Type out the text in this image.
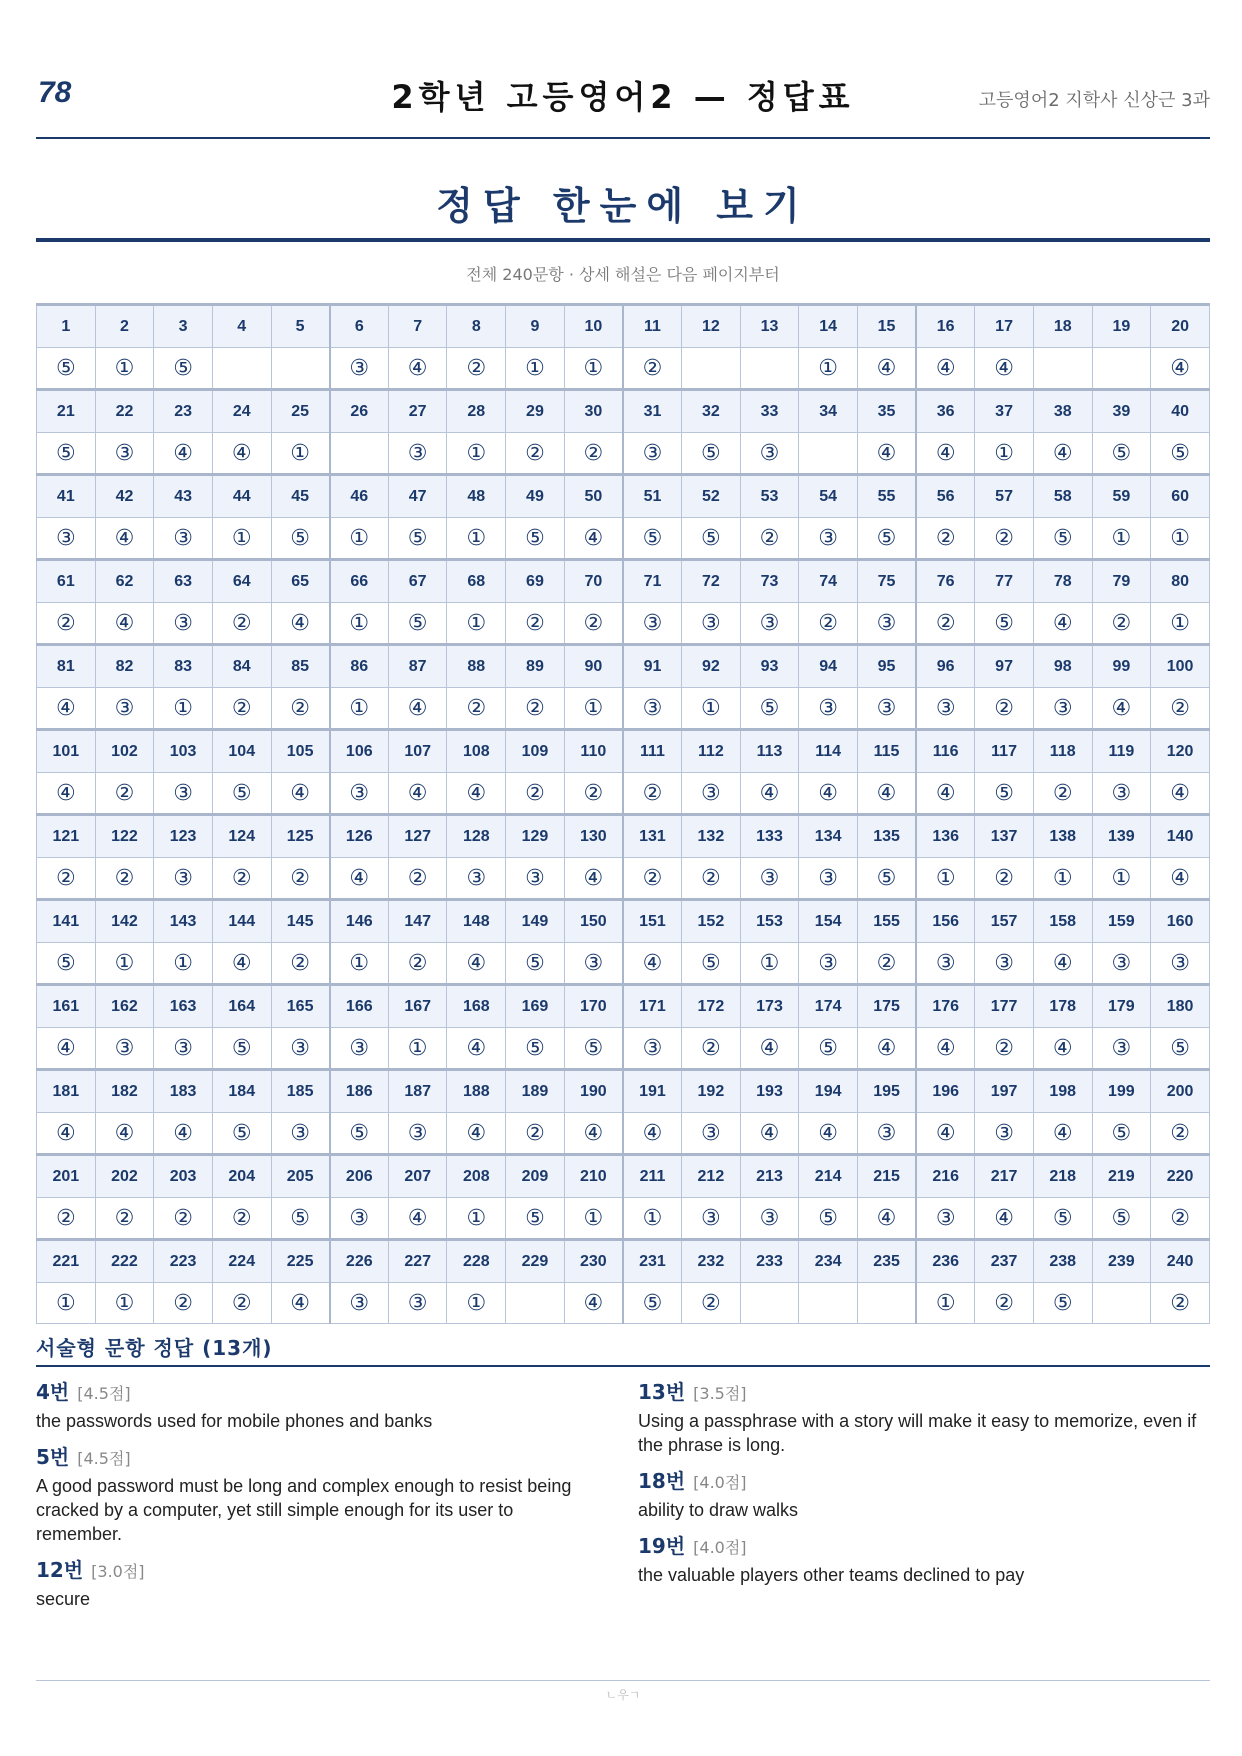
78	2학년 고등영어2 — 정답표	고등영어2 지학사 신상근 3과
정답 한눈에 보기
전체 240문항 · 상세 해설은 다음 페이지부터
1	2	3	4	5	6	7	8	9	10	11	12	13	14	15	16	17	18	19	20
⑤	①	⑤			③	④	②	①	①	②			①	④	④	④			④
21	22	23	24	25	26	27	28	29	30	31	32	33	34	35	36	37	38	39	40
⑤	③	④	④	①		③	①	②	②	③	⑤	③		④	④	①	④	⑤	⑤
41	42	43	44	45	46	47	48	49	50	51	52	53	54	55	56	57	58	59	60
③	④	③	①	⑤	①	⑤	①	⑤	④	⑤	⑤	②	③	⑤	②	②	⑤	①	①
61	62	63	64	65	66	67	68	69	70	71	72	73	74	75	76	77	78	79	80
②	④	③	②	④	①	⑤	①	②	②	③	③	③	②	③	②	⑤	④	②	①
81	82	83	84	85	86	87	88	89	90	91	92	93	94	95	96	97	98	99	100
④	③	①	②	②	①	④	②	②	①	③	①	⑤	③	③	③	②	③	④	②
101	102	103	104	105	106	107	108	109	110	111	112	113	114	115	116	117	118	119	120
④	②	③	⑤	④	③	④	④	②	②	②	③	④	④	④	④	⑤	②	③	④
121	122	123	124	125	126	127	128	129	130	131	132	133	134	135	136	137	138	139	140
②	②	③	②	②	④	②	③	③	④	②	②	③	③	⑤	①	②	①	①	④
141	142	143	144	145	146	147	148	149	150	151	152	153	154	155	156	157	158	159	160
⑤	①	①	④	②	①	②	④	⑤	③	④	⑤	①	③	②	③	③	④	③	③
161	162	163	164	165	166	167	168	169	170	171	172	173	174	175	176	177	178	179	180
④	③	③	⑤	③	③	①	④	⑤	⑤	③	②	④	⑤	④	④	②	④	③	⑤
181	182	183	184	185	186	187	188	189	190	191	192	193	194	195	196	197	198	199	200
④	④	④	⑤	③	⑤	③	④	②	④	④	③	④	④	③	④	③	④	⑤	②
201	202	203	204	205	206	207	208	209	210	211	212	213	214	215	216	217	218	219	220
②	②	②	②	⑤	③	④	①	⑤	①	①	③	③	⑤	④	③	④	⑤	⑤	②
221	222	223	224	225	226	227	228	229	230	231	232	233	234	235	236	237	238	239	240
①	①	②	②	④	③	③	①		④	⑤	②				①	②	⑤		②
서술형 문항 정답 (13개)
4번 [4.5점]
the passwords used for mobile phones and banks
5번 [4.5점]
A good password must be long and complex enough to resist being cracked by a computer, yet still simple enough for its user to remember.
12번 [3.0점]
secure
13번 [3.5점]
Using a passphrase with a story will make it easy to memorize, even if the phrase is long.
18번 [4.0점]
ability to draw walks
19번 [4.0점]
the valuable players other teams declined to pay
ㄴ우ㄱ
